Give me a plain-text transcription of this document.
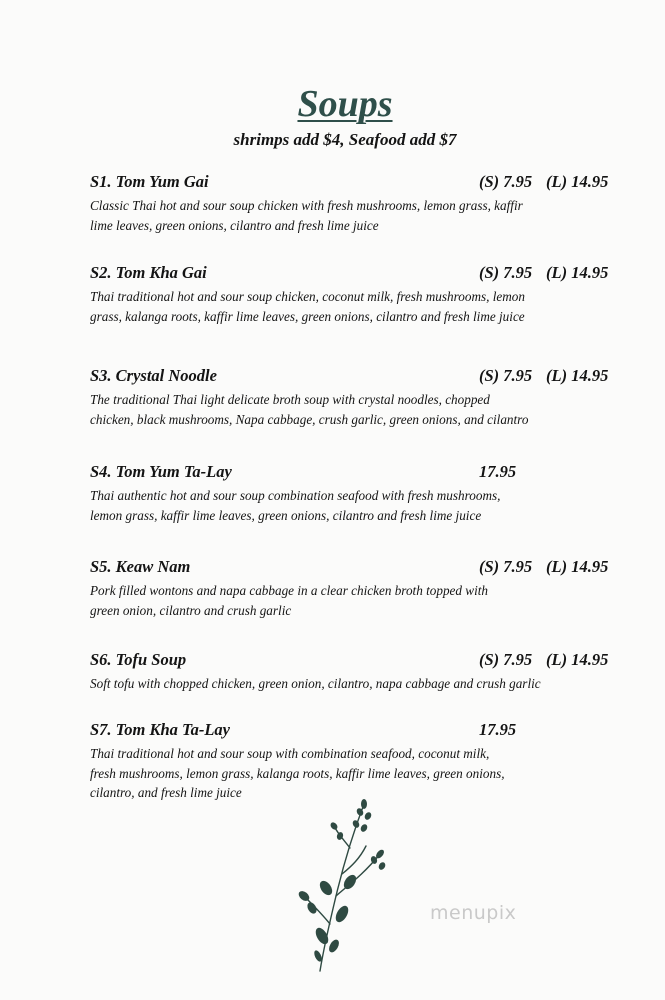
Soups

shrimps add $4, Seafood add $7

S1. Tom Yum Gai	(S) 7.95 (L) 14.95

Classic Thai hot and sour soup chicken with fresh mushrooms, lemon grass, kaffir
lime leaves, green onions, cilantro and fresh lime juice

S2. Tom Kha Gai	(S) 7.95 (L) 14.95

Thai traditional hot and sour soup chicken, coconut milk, fresh mushrooms, lemon
grass, kalanga roots, kaffir lime leaves, green onions, cilantro and fresh lime juice

S3. Crystal Noodle	(S) 7.95 (L) 14.95

The traditional Thai light delicate broth soup with crystal noodles, chopped
chicken, black mushrooms, Napa cabbage, crush garlic, green onions, and cilantro

S4. Tom Yum Ta-Lay	17.95

Thai authentic hot and sour soup combination seafood with fresh mushrooms,
lemon grass, kaffir lime leaves, green onions, cilantro and fresh lime juice

S5. Keaw Nam	(S) 7.95 (L) 14.95

Pork filled wontons and napa cabbage in a clear chicken broth topped with
green onion, cilantro and crush garlic

S6. Tofu Soup	(S) 7.95 (L) 14.95

Soft tofu with chopped chicken, green onion, cilantro, napa cabbage and crush garlic

S7. Tom Kha Ta-Lay	17.95

Thai traditional hot and sour soup with combination seafood, coconut milk,
fresh mushrooms, lemon grass, kalanga roots, kaffir lime leaves, green onions,
cilantro, and fresh lime juice

menupix
